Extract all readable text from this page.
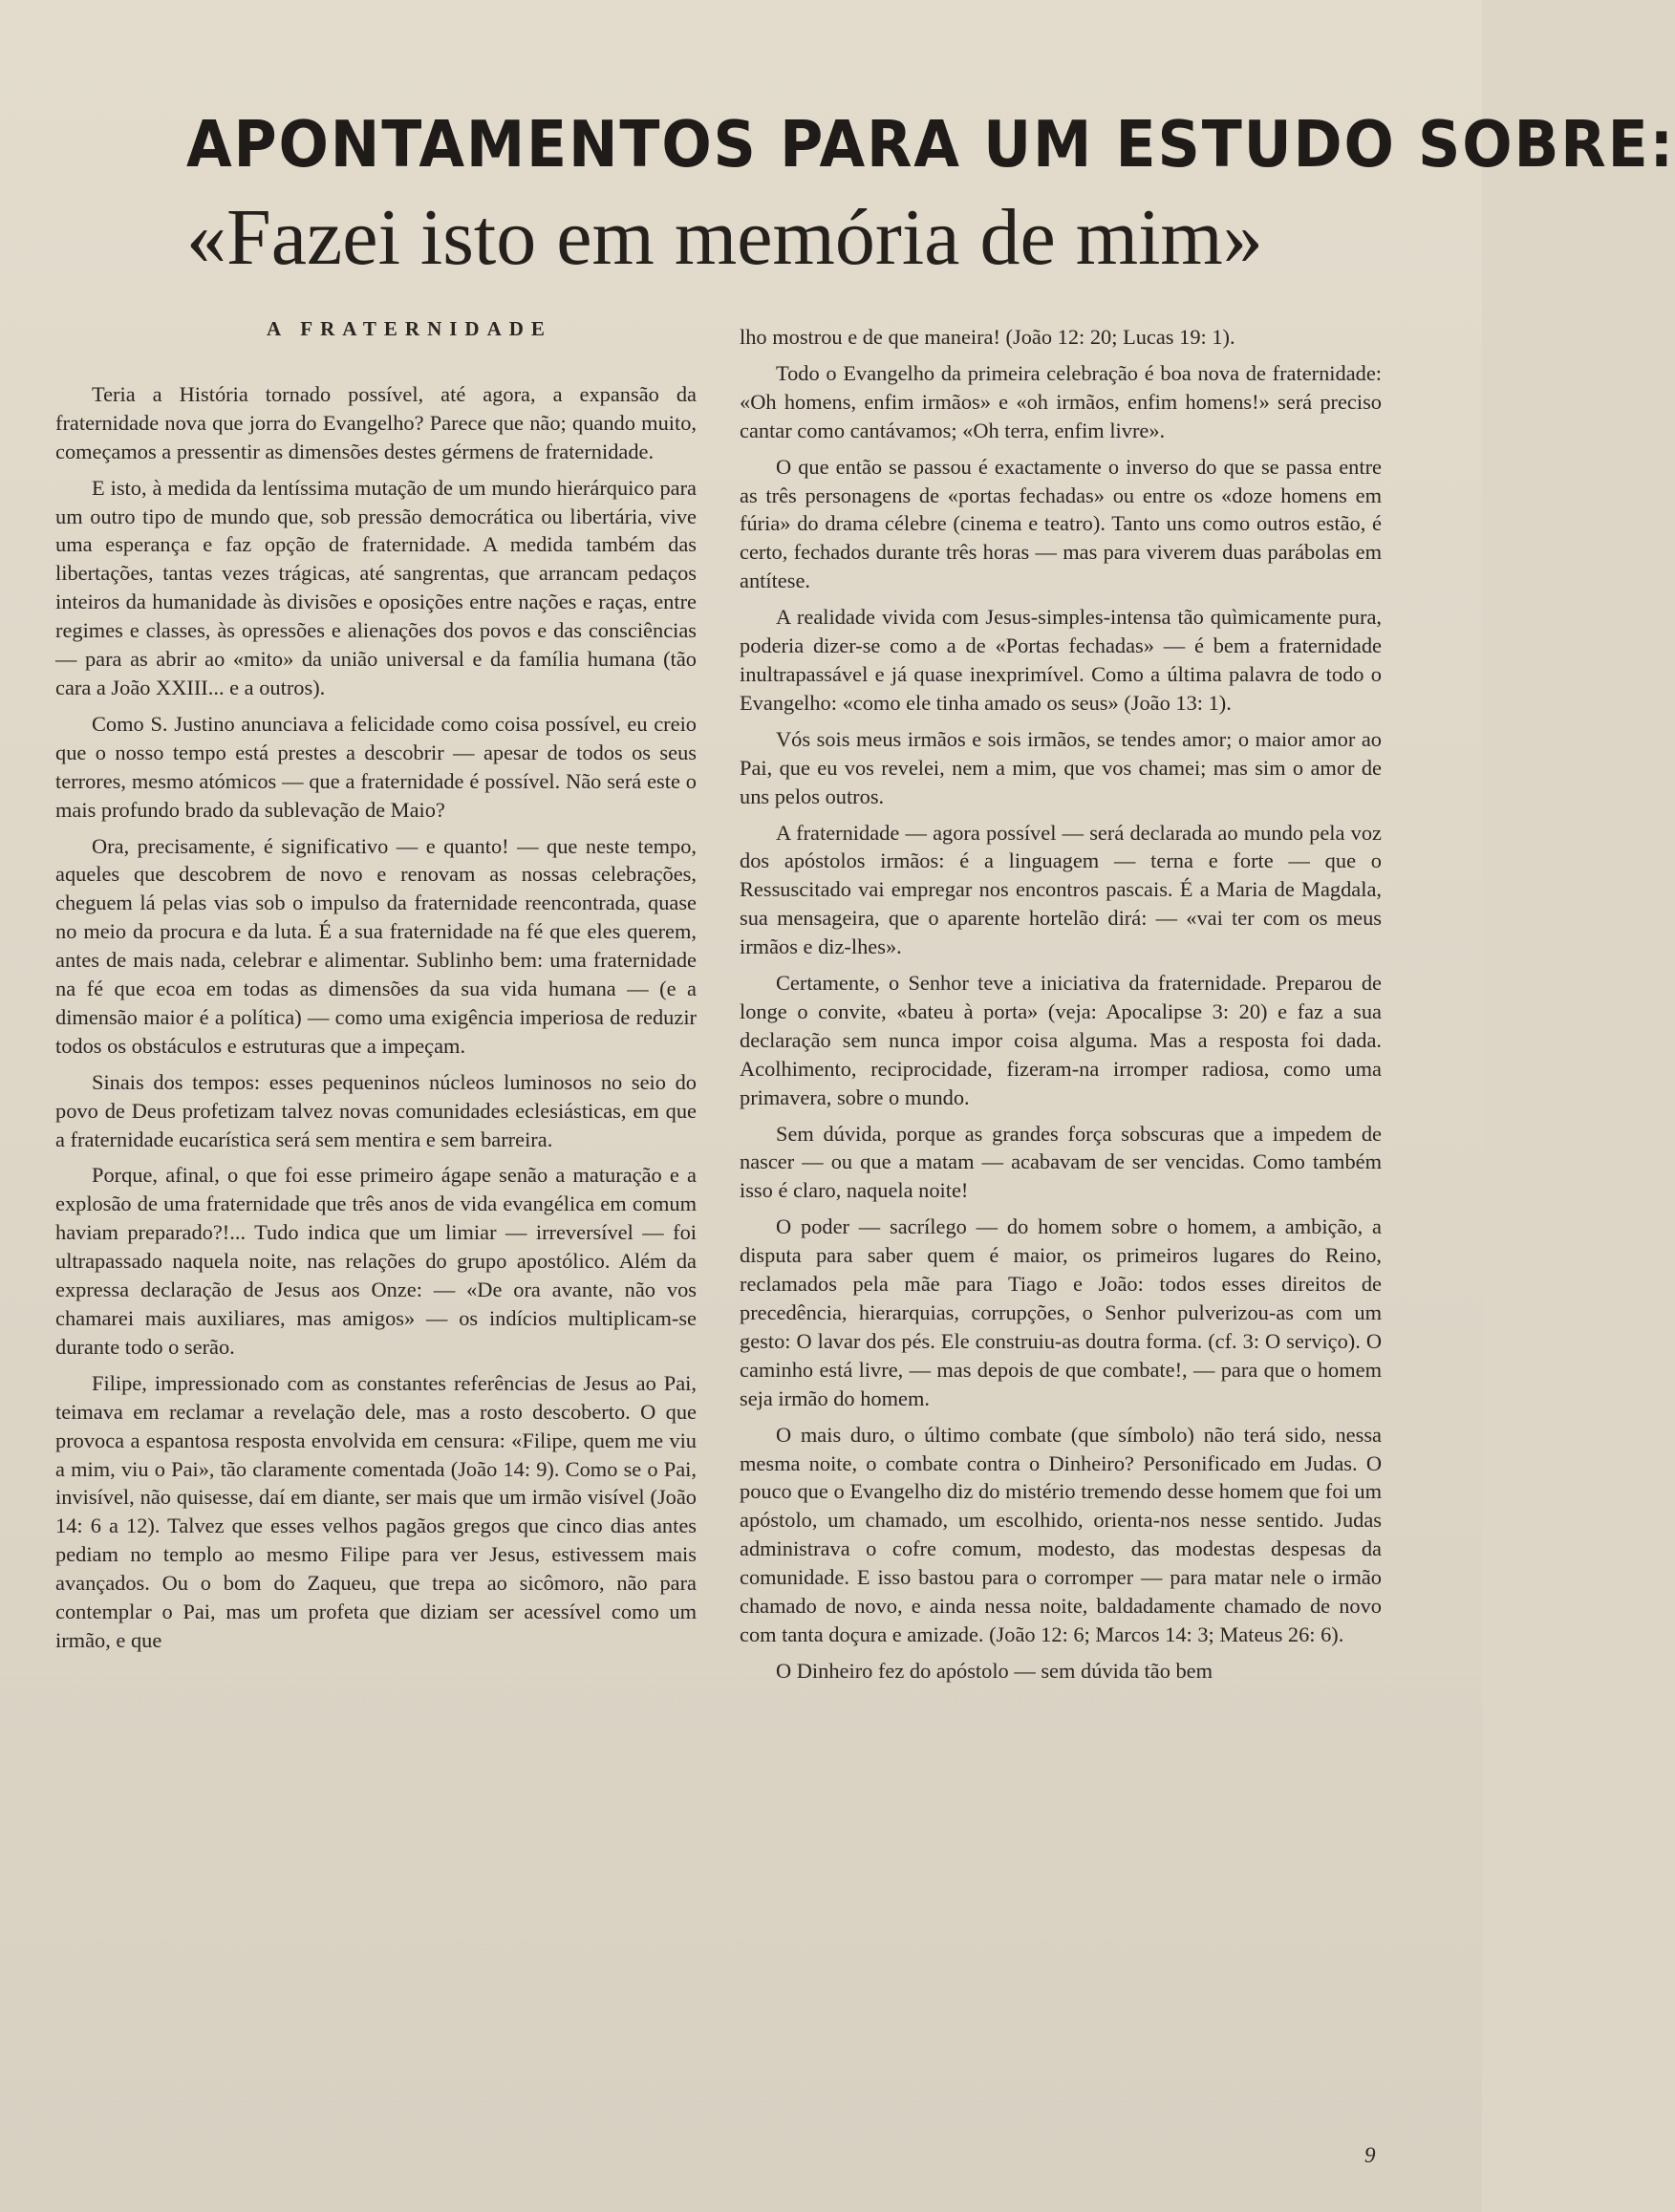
APONTAMENTOS PARA UM ESTUDO SOBRE:
«Fazei isto em memória de mim»
A FRATERNIDADE

Teria a História tornado possível, até agora, a expansão da fraternidade nova que jorra do Evangelho? Parece que não; quando muito, começamos a pressentir as dimensões destes gérmens de fraternidade.

E isto, à medida da lentíssima mutação de um mundo hierárquico para um outro tipo de mundo que, sob pressão democrática ou libertária, vive uma esperança e faz opção de fraternidade. A medida também das libertações, tantas vezes trágicas, até sangrentas, que arrancam pedaços inteiros da humanidade às divisões e oposições entre nações e raças, entre regimes e classes, às opressões e alienações dos povos e das consciências — para as abrir ao «mito» da união universal e da família humana (tão cara a João XXIII... e a outros).

Como S. Justino anunciava a felicidade como coisa possível, eu creio que o nosso tempo está prestes a descobrir — apesar de todos os seus terrores, mesmo atómicos — que a fraternidade é possível. Não será este o mais profundo brado da sublevação de Maio?

Ora, precisamente, é significativo — e quanto! — que neste tempo, aqueles que descobrem de novo e renovam as nossas celebrações, cheguem lá pelas vias sob o impulso da fraternidade reencontrada, quase no meio da procura e da luta. É a sua fraternidade na fé que eles querem, antes de mais nada, celebrar e alimentar. Sublinho bem: uma fraternidade na fé que ecoa em todas as dimensões da sua vida humana — (e a dimensão maior é a política) — como uma exigência imperiosa de reduzir todos os obstáculos e estruturas que a impeçam.

Sinais dos tempos: esses pequeninos núcleos luminosos no seio do povo de Deus profetizam talvez novas comunidades eclesiásticas, em que a fraternidade eucarística será sem mentira e sem barreira.

Porque, afinal, o que foi esse primeiro ágape senão a maturação e a explosão de uma fraternidade que três anos de vida evangélica em comum haviam preparado?!... Tudo indica que um limiar — irreversível — foi ultrapassado naquela noite, nas relações do grupo apostólico. Além da expressa declaração de Jesus aos Onze: — «De ora avante, não vos chamarei mais auxiliares, mas amigos» — os indícios multiplicam-se durante todo o serão.

Filipe, impressionado com as constantes referências de Jesus ao Pai, teimava em reclamar a revelação dele, mas a rosto descoberto. O que provoca a espantosa resposta envolvida em censura: «Filipe, quem me viu a mim, viu o Pai», tão claramente comentada (João 14: 9). Como se o Pai, invisível, não quisesse, daí em diante, ser mais que um irmão visível (João 14: 6 a 12). Talvez que esses velhos pagãos gregos que cinco dias antes pediam no templo ao mesmo Filipe para ver Jesus, estivessem mais avançados. Ou o bom do Zaqueu, que trepa ao sicômoro, não para contemplar o Pai, mas um profeta que diziam ser acessível como um irmão, e que

lho mostrou e de que maneira! (João 12: 20; Lucas 19: 1).

Todo o Evangelho da primeira celebração é boa nova de fraternidade: «Oh homens, enfim irmãos» e «oh irmãos, enfim homens!» será preciso cantar como cantávamos; «Oh terra, enfim livre».

O que então se passou é exactamente o inverso do que se passa entre as três personagens de «portas fechadas» ou entre os «doze homens em fúria» do drama célebre (cinema e teatro). Tanto uns como outros estão, é certo, fechados durante três horas — mas para viverem duas parábolas em antítese.

A realidade vivida com Jesus-simples-intensa tão quìmicamente pura, poderia dizer-se como a de «Portas fechadas» — é bem a fraternidade inultrapassável e já quase inexprimível. Como a última palavra de todo o Evangelho: «como ele tinha amado os seus» (João 13: 1).

Vós sois meus irmãos e sois irmãos, se tendes amor; o maior amor ao Pai, que eu vos revelei, nem a mim, que vos chamei; mas sim o amor de uns pelos outros.

A fraternidade — agora possível — será declarada ao mundo pela voz dos apóstolos irmãos: é a linguagem — terna e forte — que o Ressuscitado vai empregar nos encontros pascais. É a Maria de Magdala, sua mensageira, que o aparente hortelão dirá: — «vai ter com os meus irmãos e diz-lhes».

Certamente, o Senhor teve a iniciativa da fraternidade. Preparou de longe o convite, «bateu à porta» (veja: Apocalipse 3: 20) e faz a sua declaração sem nunca impor coisa alguma. Mas a resposta foi dada. Acolhimento, reciprocidade, fizeram-na irromper radiosa, como uma primavera, sobre o mundo.

Sem dúvida, porque as grandes força sobscuras que a impedem de nascer — ou que a matam — acabavam de ser vencidas. Como também isso é claro, naquela noite!

O poder — sacrílego — do homem sobre o homem, a ambição, a disputa para saber quem é maior, os primeiros lugares do Reino, reclamados pela mãe para Tiago e João: todos esses direitos de precedência, hierarquias, corrupções, o Senhor pulverizou-as com um gesto: O lavar dos pés. Ele construiu-as doutra forma. (cf. 3: O serviço). O caminho está livre, — mas depois de que combate!, — para que o homem seja irmão do homem.

O mais duro, o último combate (que símbolo) não terá sido, nessa mesma noite, o combate contra o Dinheiro? Personificado em Judas. O pouco que o Evangelho diz do mistério tremendo desse homem que foi um apóstolo, um chamado, um escolhido, orienta-nos nesse sentido. Judas administrava o cofre comum, modesto, das modestas despesas da comunidade. E isso bastou para o corromper — para matar nele o irmão chamado de novo, e ainda nessa noite, baldadamente chamado de novo com tanta doçura e amizade. (João 12: 6; Marcos 14: 3; Mateus 26: 6).

O Dinheiro fez do apóstolo — sem dúvida tão bem

9
